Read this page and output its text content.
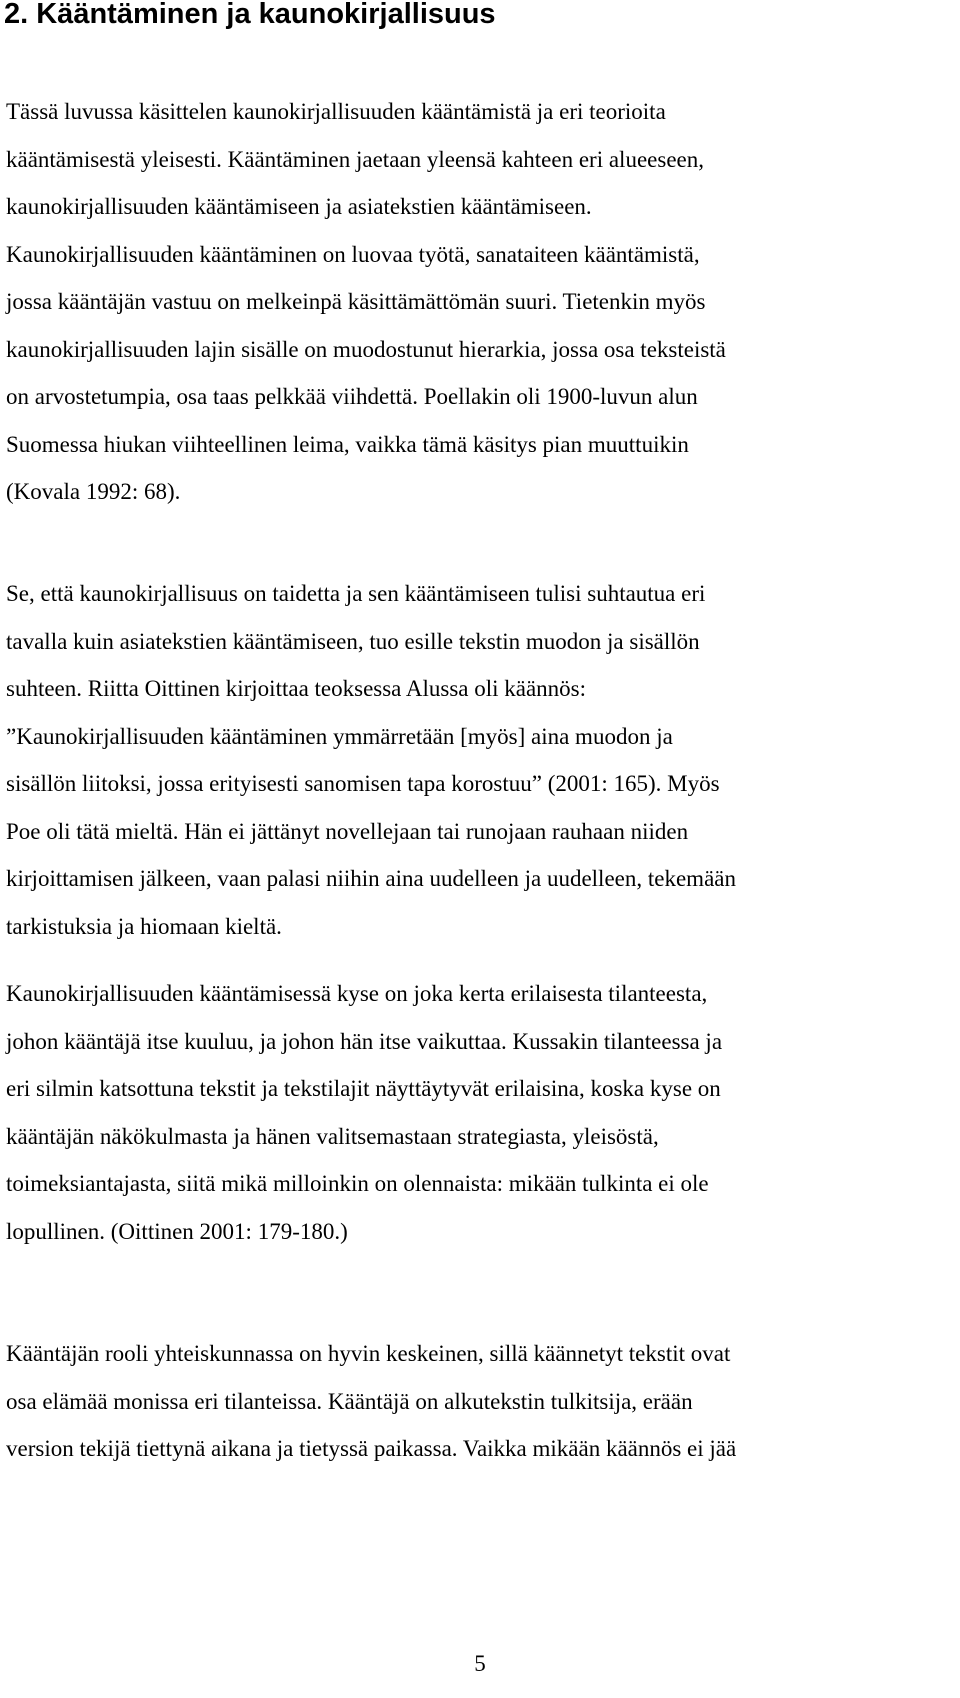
2. Kääntäminen ja kaunokirjallisuus

Tässä luvussa käsittelen kaunokirjallisuuden kääntämistä ja eri teorioita
kääntämisestä yleisesti. Kääntäminen jaetaan yleensä kahteen eri alueeseen,
kaunokirjallisuuden kääntämiseen ja asiatekstien kääntämiseen.
Kaunokirjallisuuden kääntäminen on luovaa työtä, sanataiteen kääntämistä,
jossa kääntäjän vastuu on melkeinpä käsittämättömän suuri. Tietenkin myös
kaunokirjallisuuden lajin sisälle on muodostunut hierarkia, jossa osa teksteistä
on arvostetumpia, osa taas pelkkää viihdettä. Poellakin oli 1900-luvun alun
Suomessa hiukan viihteellinen leima, vaikka tämä käsitys pian muuttuikin
(Kovala 1992: 68).

Se, että kaunokirjallisuus on taidetta ja sen kääntämiseen tulisi suhtautua eri
tavalla kuin asiatekstien kääntämiseen, tuo esille tekstin muodon ja sisällön
suhteen. Riitta Oittinen kirjoittaa teoksessa Alussa oli käännös:
”Kaunokirjallisuuden kääntäminen ymmärretään [myös] aina muodon ja
sisällön liitoksi, jossa erityisesti sanomisen tapa korostuu” (2001: 165). Myös
Poe oli tätä mieltä. Hän ei jättänyt novellejaan tai runojaan rauhaan niiden
kirjoittamisen jälkeen, vaan palasi niihin aina uudelleen ja uudelleen, tekemään
tarkistuksia ja hiomaan kieltä.

Kaunokirjallisuuden kääntämisessä kyse on joka kerta erilaisesta tilanteesta,
johon kääntäjä itse kuuluu, ja johon hän itse vaikuttaa. Kussakin tilanteessa ja
eri silmin katsottuna tekstit ja tekstilajit näyttäytyvät erilaisina, koska kyse on
kääntäjän näkökulmasta ja hänen valitsemastaan strategiasta, yleisöstä,
toimeksiantajasta, siitä mikä milloinkin on olennaista: mikään tulkinta ei ole
lopullinen. (Oittinen 2001: 179-180.)

Kääntäjän rooli yhteiskunnassa on hyvin keskeinen, sillä käännetyt tekstit ovat
osa elämää monissa eri tilanteissa. Kääntäjä on alkutekstin tulkitsija, erään
version tekijä tiettynä aikana ja tietyssä paikassa. Vaikka mikään käännös ei jää

5
